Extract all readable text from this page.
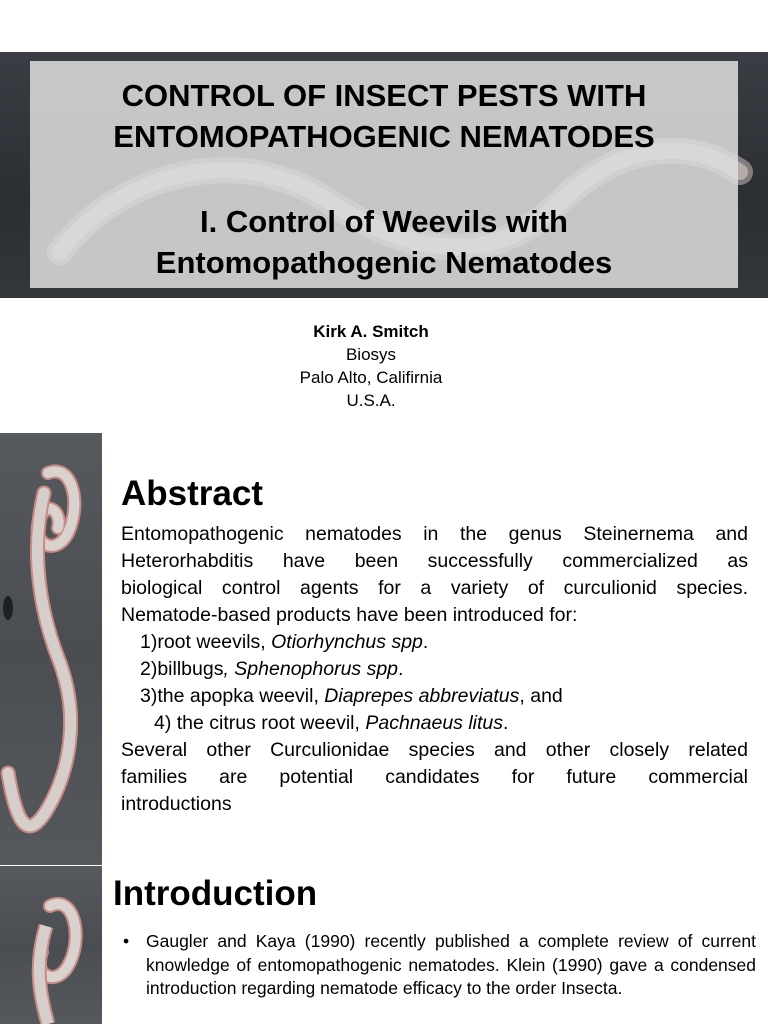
CONTROL OF INSECT PESTS WITH
ENTOMOPATHOGENIC NEMATODES
I. Control of Weevils with
Entomopathogenic Nematodes
Kirk A. Smitch
Biosys
Palo Alto, Califirnia
U.S.A.
Abstract

Entomopathogenic nematodes in the genus Steinernema and

Heterorhabditis have been successfully commercialized as

biological control agents for a variety of curculionid species.

Nematode-based products have been introduced for:

1)root weevils, Otiorhynchus spp.

2)billbugs, Sphenophorus spp.

3)the apopka weevil, Diaprepes abbreviatus, and

4) the citrus root weevil, Pachnaeus litus.

Several other Curculionidae species and other closely related

families are potential candidates for future commercial

introductions

Introduction
• Gaugler and Kaya (1990) recently published a complete review of current knowledge of entomopathogenic nematodes. Klein (1990) gave a condensed introduction regarding nematode efficacy to the order Insecta.
